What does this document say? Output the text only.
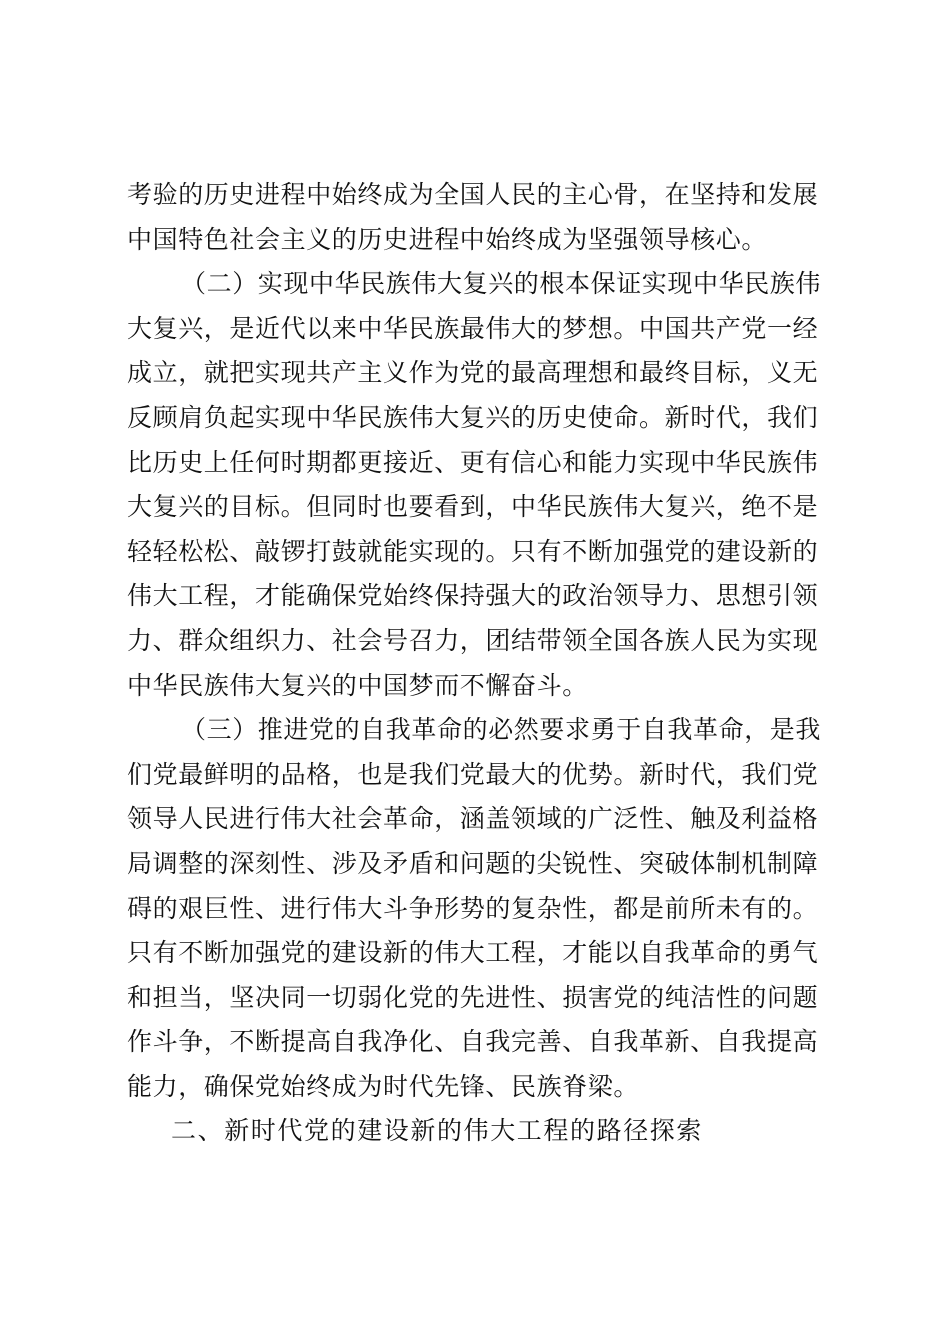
考验的历史进程中始终成为全国人民的主心骨，在坚持和发展
中国特色社会主义的历史进程中始终成为坚强领导核心。
（二）实现中华民族伟大复兴的根本保证实现中华民族伟
大复兴，是近代以来中华民族最伟大的梦想。中国共产党一经
成立，就把实现共产主义作为党的最高理想和最终目标，义无
反顾肩负起实现中华民族伟大复兴的历史使命。新时代，我们
比历史上任何时期都更接近、更有信心和能力实现中华民族伟
大复兴的目标。但同时也要看到，中华民族伟大复兴，绝不是
轻轻松松、敲锣打鼓就能实现的。只有不断加强党的建设新的
伟大工程，才能确保党始终保持强大的政治领导力、思想引领
力、群众组织力、社会号召力，团结带领全国各族人民为实现
中华民族伟大复兴的中国梦而不懈奋斗。
（三）推进党的自我革命的必然要求勇于自我革命，是我
们党最鲜明的品格，也是我们党最大的优势。新时代，我们党
领导人民进行伟大社会革命，涵盖领域的广泛性、触及利益格
局调整的深刻性、涉及矛盾和问题的尖锐性、突破体制机制障
碍的艰巨性、进行伟大斗争形势的复杂性，都是前所未有的。
只有不断加强党的建设新的伟大工程，才能以自我革命的勇气
和担当，坚决同一切弱化党的先进性、损害党的纯洁性的问题
作斗争，不断提高自我净化、自我完善、自我革新、自我提高
能力，确保党始终成为时代先锋、民族脊梁。
二、新时代党的建设新的伟大工程的路径探索
